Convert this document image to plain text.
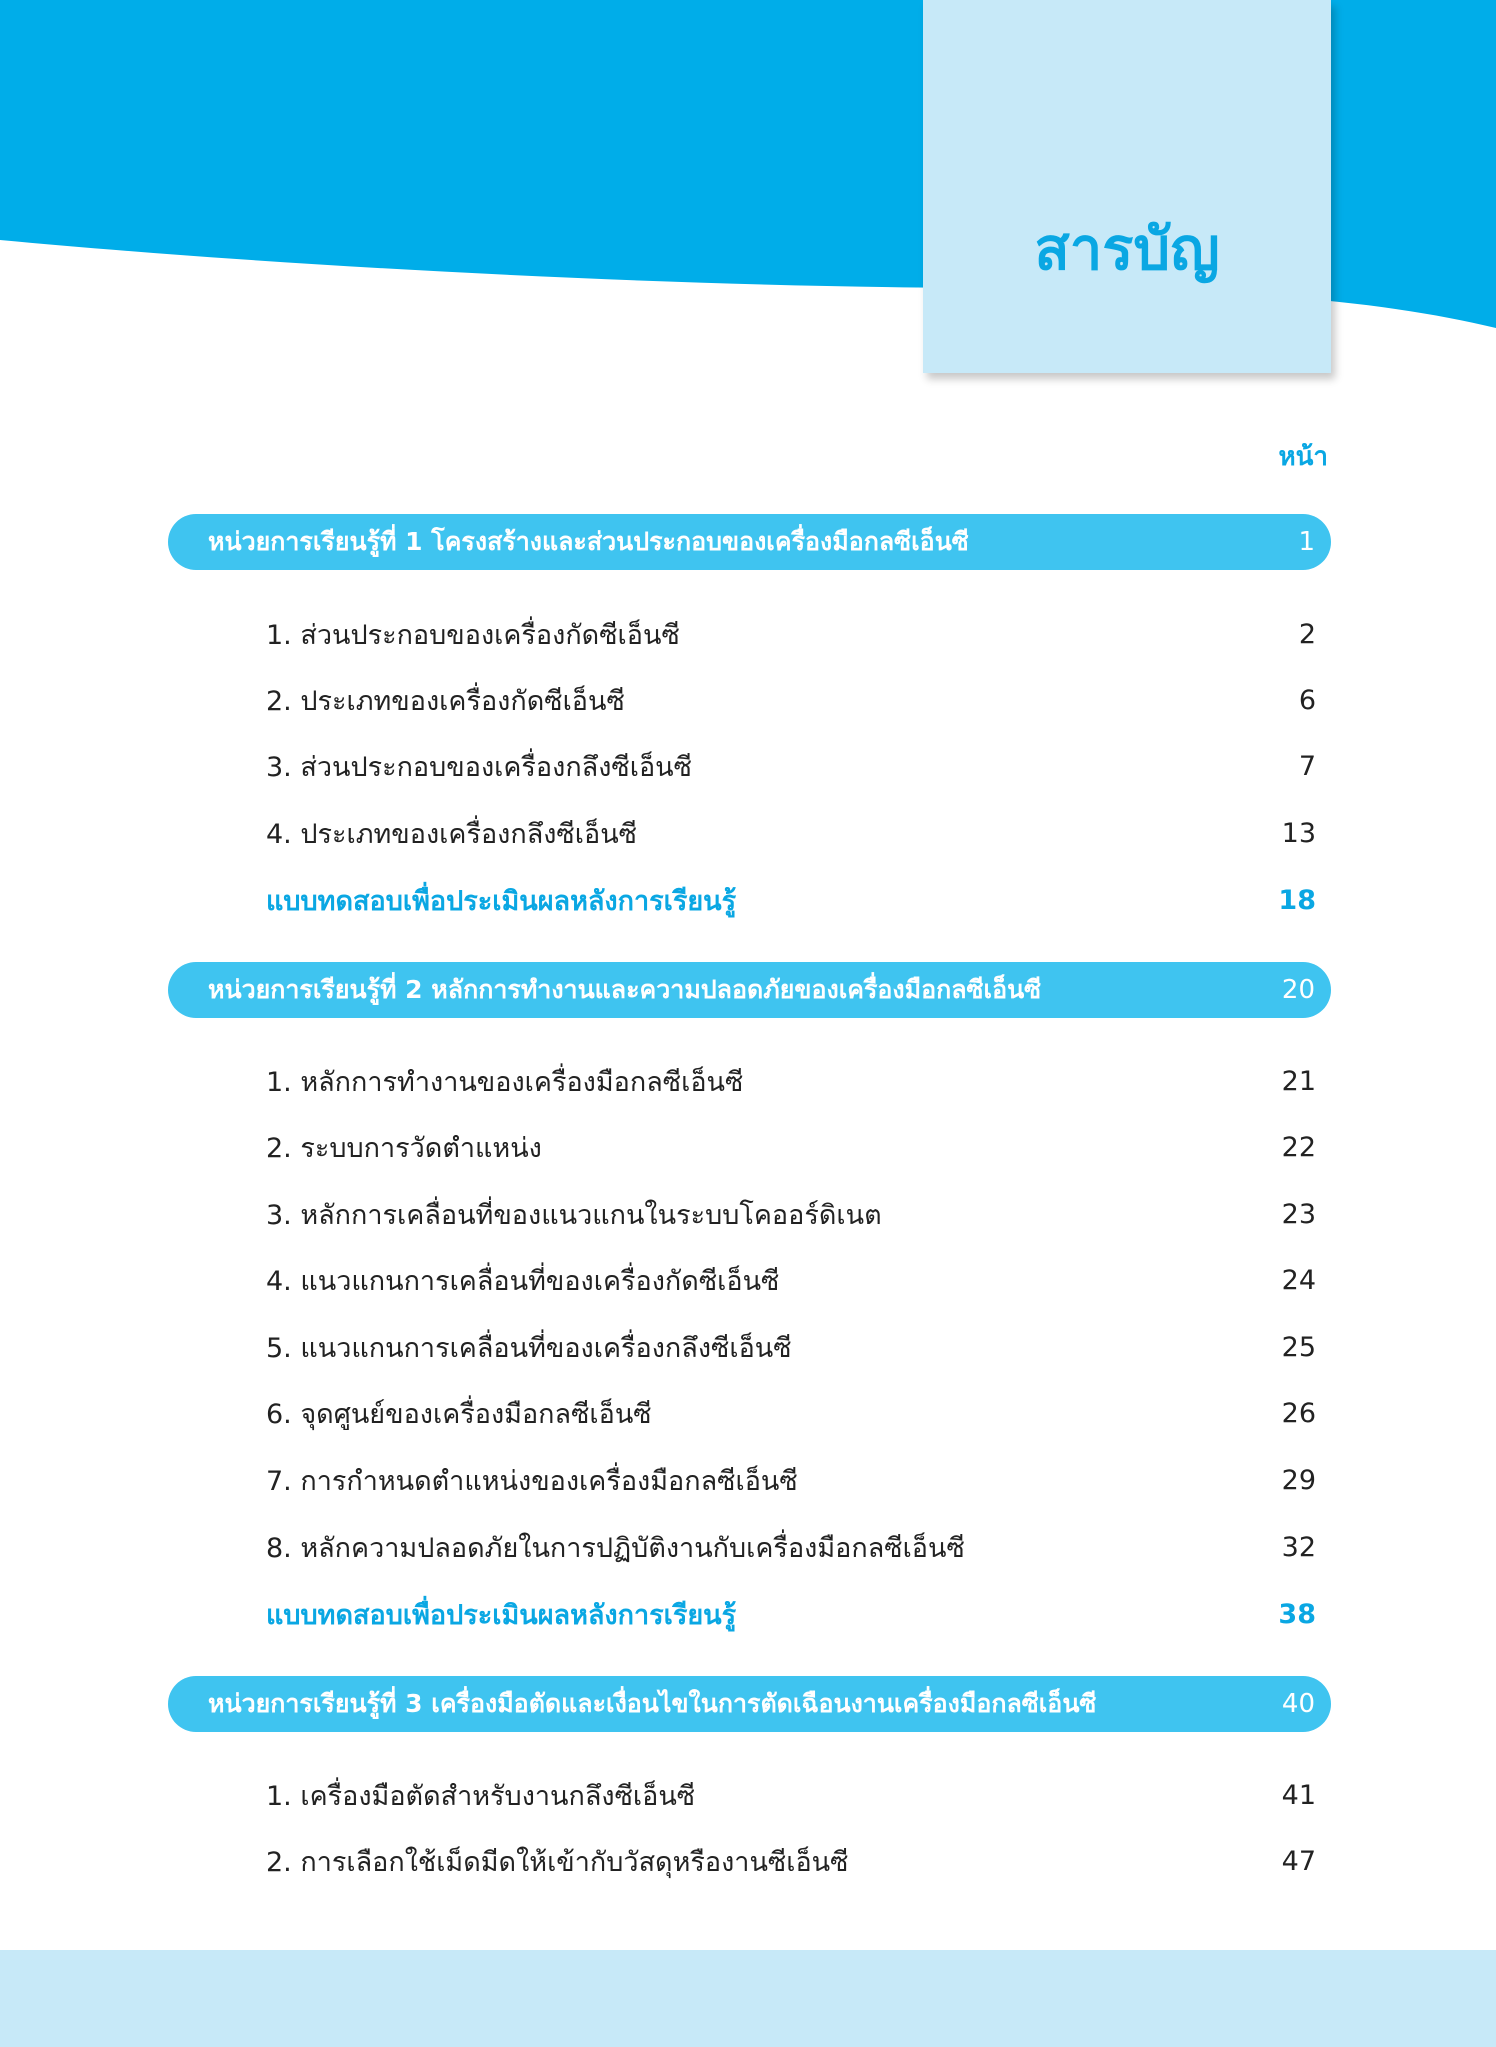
สารบัญ
หน้า
หน่วยการเรียนรู้ที่ 1 โครงสร้างและส่วนประกอบของเครื่องมือกลซีเอ็นซี	1
1. ส่วนประกอบของเครื่องกัดซีเอ็นซี	2
2. ประเภทของเครื่องกัดซีเอ็นซี	6
3. ส่วนประกอบของเครื่องกลึงซีเอ็นซี	7
4. ประเภทของเครื่องกลึงซีเอ็นซี	13
แบบทดสอบเพื่อประเมินผลหลังการเรียนรู้	18
หน่วยการเรียนรู้ที่ 2 หลักการทำงานและความปลอดภัยของเครื่องมือกลซีเอ็นซี	20
1. หลักการทำงานของเครื่องมือกลซีเอ็นซี	21
2. ระบบการวัดตำแหน่ง	22
3. หลักการเคลื่อนที่ของแนวแกนในระบบโคออร์ดิเนต	23
4. แนวแกนการเคลื่อนที่ของเครื่องกัดซีเอ็นซี	24
5. แนวแกนการเคลื่อนที่ของเครื่องกลึงซีเอ็นซี	25
6. จุดศูนย์ของเครื่องมือกลซีเอ็นซี	26
7. การกำหนดตำแหน่งของเครื่องมือกลซีเอ็นซี	29
8. หลักความปลอดภัยในการปฏิบัติงานกับเครื่องมือกลซีเอ็นซี	32
แบบทดสอบเพื่อประเมินผลหลังการเรียนรู้	38
หน่วยการเรียนรู้ที่ 3 เครื่องมือตัดและเงื่อนไขในการตัดเฉือนงานเครื่องมือกลซีเอ็นซี	40
1. เครื่องมือตัดสำหรับงานกลึงซีเอ็นซี	41
2. การเลือกใช้เม็ดมีดให้เข้ากับวัสดุหรืองานซีเอ็นซี	47
